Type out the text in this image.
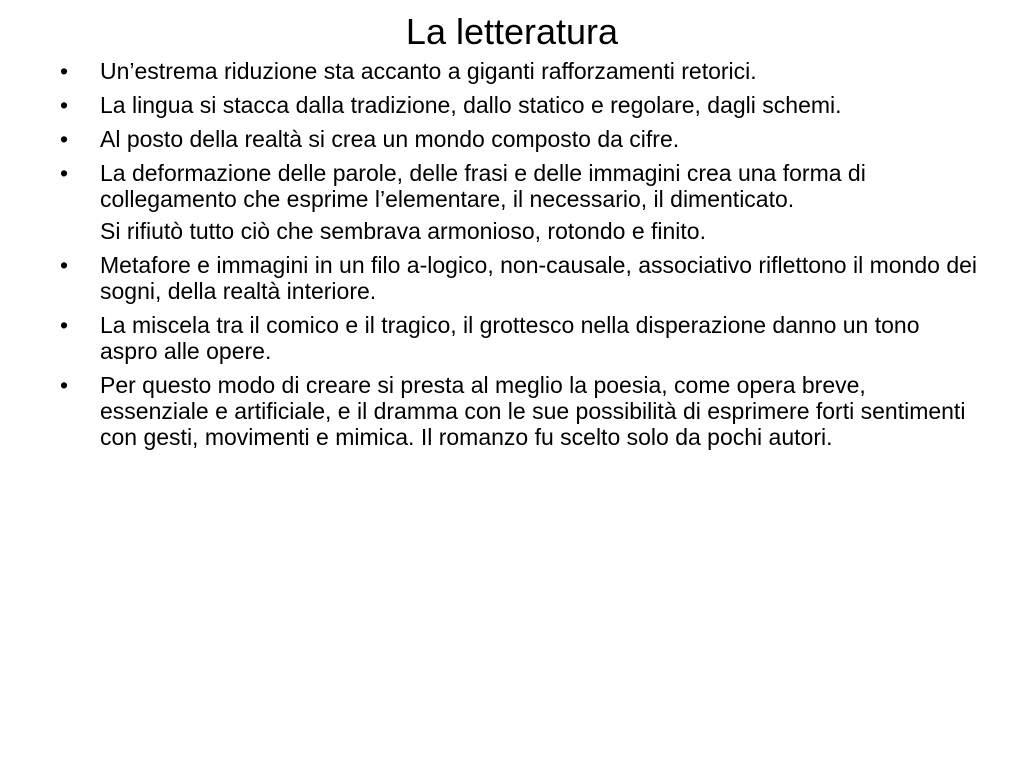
La letteratura
•	Un’estrema riduzione sta accanto a giganti rafforzamenti retorici.
•	La lingua si stacca dalla tradizione, dallo statico e regolare, dagli schemi.
•	Al posto della realtà si crea un mondo composto da cifre.
•	La deformazione delle parole, delle frasi e delle immagini crea una forma di collegamento che esprime l’elementare, il necessario, il dimenticato.
Si rifiutò tutto ciò che sembrava armonioso, rotondo e finito.
•	Metafore e immagini in un filo a-logico, non-causale, associativo riflettono il mondo dei sogni, della realtà interiore.
•	La miscela tra il comico e il tragico, il grottesco nella disperazione danno un tono aspro alle opere.
•	Per questo modo di creare si presta al meglio la poesia, come opera breve, essenziale e artificiale, e il dramma con le sue possibilità di esprimere forti sentimenti con gesti, movimenti e mimica. Il romanzo fu scelto solo da pochi autori.
